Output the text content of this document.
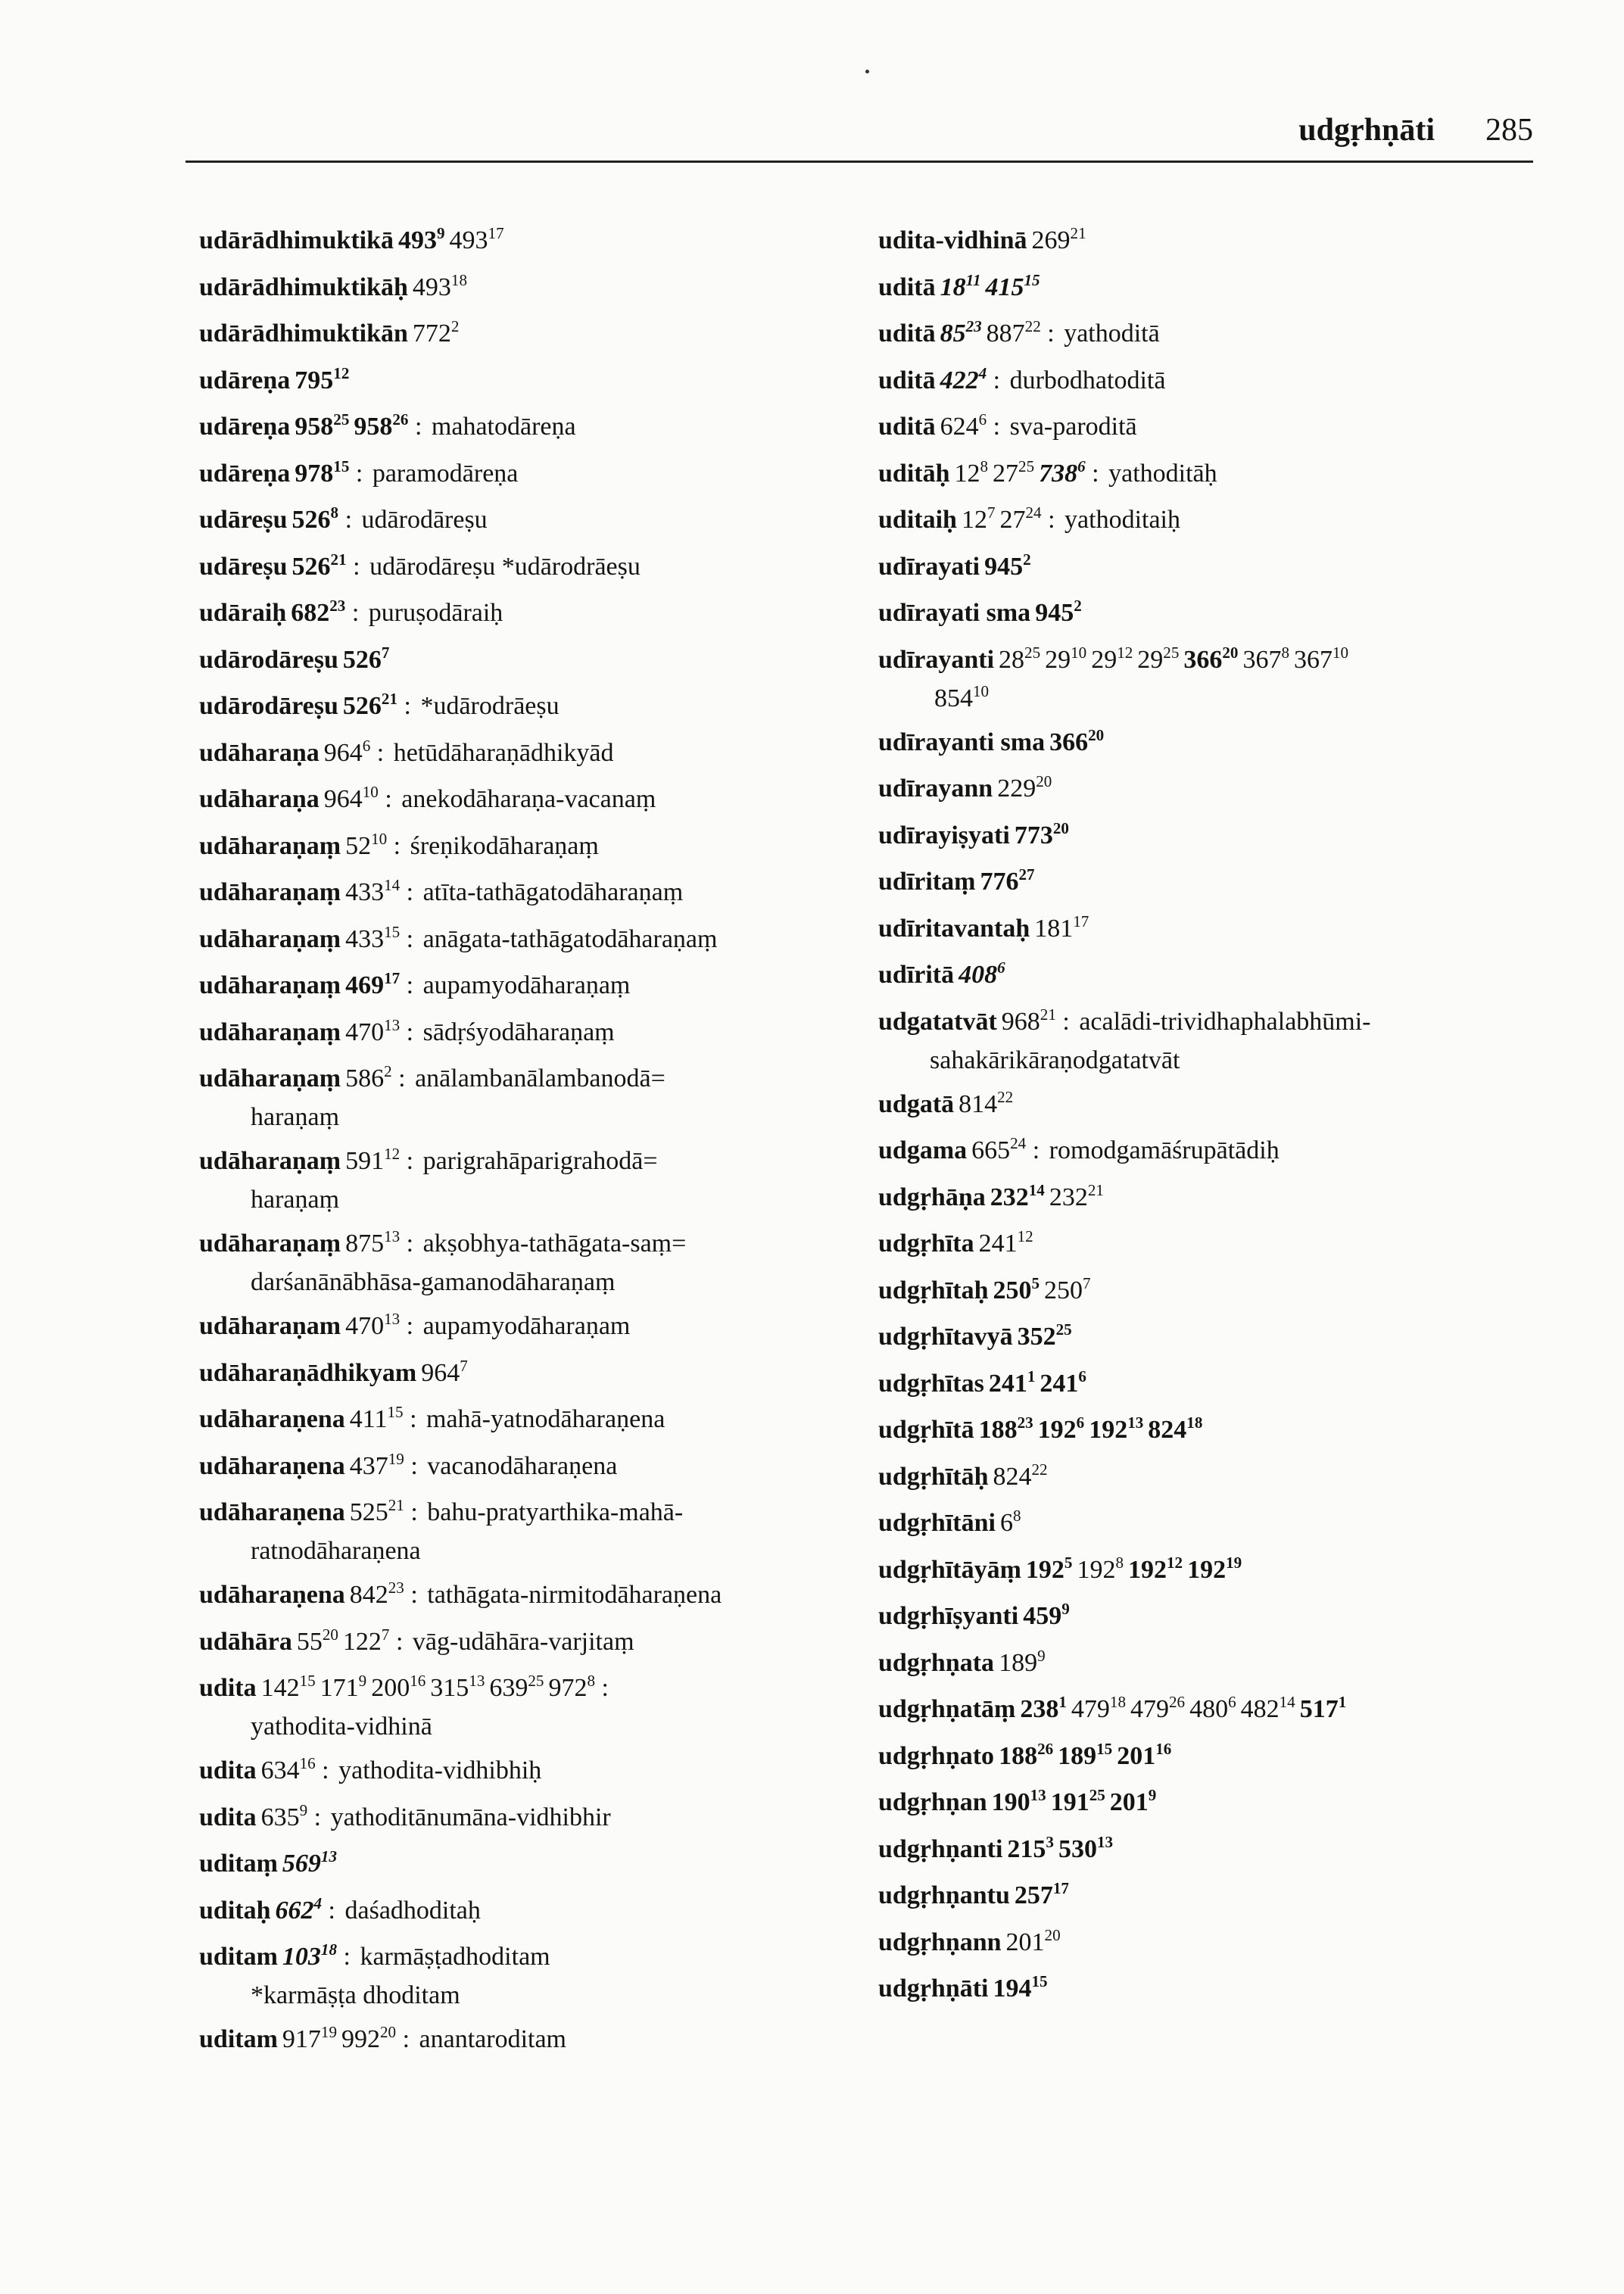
udgṛhṇāti 285
udārādhimuktikā $493^9$ $493^{17}$
udārādhimuktikāḥ $493^{18}$
udārādhimuktikān $772^2$
udāreṇa $795^{12}$
udāreṇa $958^{25}$ $958^{26}$ : mahatodāreṇa
udāreṇa $978^{15}$ : paramodāreṇa
udāreṣu $526^8$ : udārodāreṣu
udāreṣu $526^{21}$ : udārodāreṣu *udārodrāeṣu
udāraiḥ $682^{23}$ : puruṣodāraiḥ
udārodāreṣu $526^7$
udārodāreṣu $526^{21}$ : *udārodrāeṣu
udāharaṇa $964^6$ : hetūdāharaṇādhikyād
udāharaṇa $964^{10}$ : anekodāharaṇa-vacanaṃ
udāharaṇaṃ $52^{10}$ : śreṇikodāharaṇaṃ
udāharaṇaṃ $433^{14}$ : atīta-tathāgatodāharaṇaṃ
udāharaṇaṃ $433^{15}$ : anāgata-tathāgatodāharaṇaṃ
udāharaṇaṃ $469^{17}$ : aupamyodāharaṇaṃ
udāharaṇaṃ $470^{13}$ : sādṛśyodāharaṇaṃ
udāharaṇaṃ $586^2$ : anālambanālambanodā=
haraṇaṃ
udāharaṇaṃ $591^{12}$ : parigrahāparigrahodā=
haraṇaṃ
udāharaṇaṃ $875^{13}$ : akṣobhya-tathāgata-saṃ=
darśanānābhāsa-gamanodāharaṇaṃ
udāharaṇam $470^{13}$ : aupamyodāharaṇam
udāharaṇādhikyam $964^7$
udāharaṇena $411^{15}$ : mahā-yatnodāharaṇena
udāharaṇena $437^{19}$ : vacanodāharaṇena
udāharaṇena $525^{21}$ : bahu-pratyarthika-mahā-
ratnodāharaṇena
udāharaṇena $842^{23}$ : tathāgata-nirmitodāharaṇena
udāhāra $55^{20}$ $122^7$ : vāg-udāhāra-varjitaṃ
udita $142^{15}$ $171^9$ $200^{16}$ $315^{13}$ $639^{25}$ $972^8$ :
yathodita-vidhinā
udita $634^{16}$ : yathodita-vidhibhiḥ
udita $635^9$ : yathoditānumāna-vidhibhir
uditaṃ $569^{13}$
uditaḥ $662^4$ : daśadhoditaḥ
uditam $103^{18}$ : karmāṣṭadhoditam
*karmāṣṭa dhoditam
uditam $917^{19}$ $992^{20}$ : anantaroditam
udita-vidhinā $269^{21}$
uditā $18^{11}$ $415^{15}$
uditā $85^{23}$ $887^{22}$ : yathoditā
uditā $422^4$ : durbodhatoditā
uditā $624^6$ : sva-paroditā
uditāḥ $12^8$ $27^{25}$ $738^6$ : yathoditāḥ
uditaiḥ $12^7$ $27^{24}$ : yathoditaiḥ
udīrayati $945^2$
udīrayati sma $945^2$
udīrayanti $28^{25}$ $29^{10}$ $29^{12}$ $29^{25}$ $366^{20}$ $367^8$ $367^{10}$
$854^{10}$
udīrayanti sma $366^{20}$
udīrayann $229^{20}$
udīrayiṣyati $773^{20}$
udīritaṃ $776^{27}$
udīritavantaḥ $181^{17}$
udīritā $408^6$
udgatatvāt $968^{21}$ : acalādi-trividhaphalabhūmi-
sahakārikāraṇodgatatvāt
udgatā $814^{22}$
udgama $665^{24}$ : romodgamāśrupātādiḥ
udgṛhāṇa $232^{14}$ $232^{21}$
udgṛhīta $241^{12}$
udgṛhītaḥ $250^5$ $250^7$
udgṛhītavyā $352^{25}$
udgṛhītas $241^1$ $241^6$
udgṛhītā $188^{23}$ $192^6$ $192^{13}$ $824^{18}$
udgṛhītāḥ $824^{22}$
udgṛhītāni $6^8$
udgṛhītāyāṃ $192^5$ $192^8$ $192^{12}$ $192^{19}$
udgṛhīṣyanti $459^9$
udgṛhṇata $189^9$
udgṛhṇatāṃ $238^1$ $479^{18}$ $479^{26}$ $480^6$ $482^{14}$ $517^1$
udgṛhṇato $188^{26}$ $189^{15}$ $201^{16}$
udgṛhṇan $190^{13}$ $191^{25}$ $201^9$
udgṛhṇanti $215^3$ $530^{13}$
udgṛhṇantu $257^{17}$
udgṛhṇann $201^{20}$
udgṛhṇāti $194^{15}$
